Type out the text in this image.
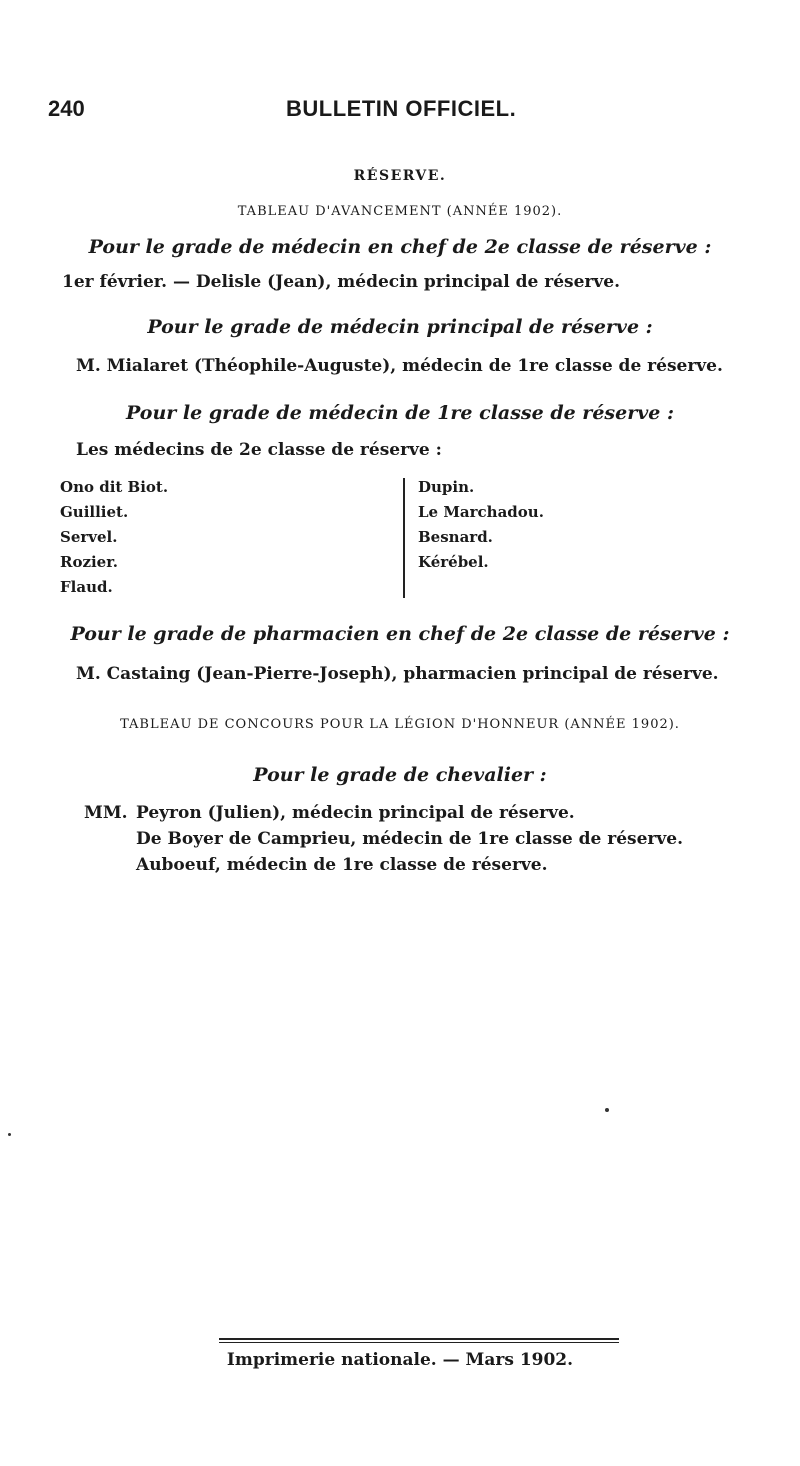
240	BULLETIN OFFICIEL.
RÉSERVE.
TABLEAU D'AVANCEMENT (ANNÉE 1902).
Pour le grade de médecin en chef de 2e classe de réserve :
1er février. — Delisle (Jean), médecin principal de réserve.
Pour le grade de médecin principal de réserve :
M. Mialaret (Théophile-Auguste), médecin de 1re classe de réserve.
Pour le grade de médecin de 1re classe de réserve :
Les médecins de 2e classe de réserve :
Ono dit Biot.
Guilliet.
Servel.
Rozier.
Flaud.
Dupin.
Le Marchadou.
Besnard.
Kérébel.
Pour le grade de pharmacien en chef de 2e classe de réserve :
M. Castaing (Jean-Pierre-Joseph), pharmacien principal de réserve.
TABLEAU DE CONCOURS POUR LA LÉGION D'HONNEUR (ANNÉE 1902).
Pour le grade de chevalier :
MM. Peyron (Julien), médecin principal de réserve.
De Boyer de Camprieu, médecin de 1re classe de réserve.
Auboeuf, médecin de 1re classe de réserve.
Imprimerie nationale. — Mars 1902.
